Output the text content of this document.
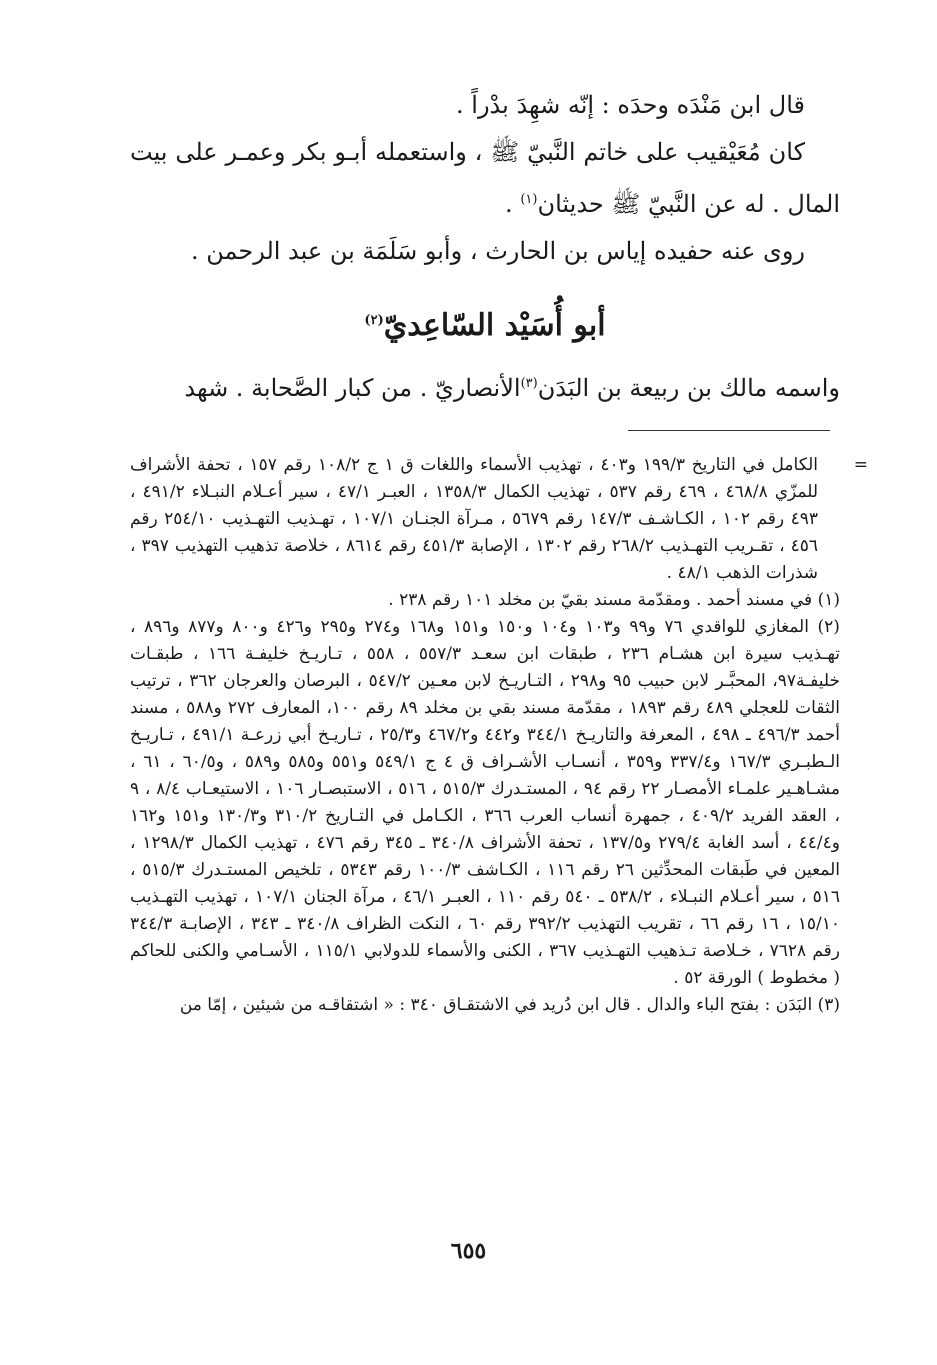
قال ابن مَنْدَه وحدَه : إنّه شهِدَ بدْراً .

كان مُعَيْقيب على خاتم النَّبيّ ﷺ ، واستعمله أبـو بكر وعمـر على بيت المال . له عن النَّبيّ ﷺ حديثان$^{(١)}$ .

روى عنه حفيده إياس بن الحارث ، وأبو سَلَمَة بن عبد الرحمن .

أبو أُسَيْد السّاعِديّ$^{(٢)}$
واسمه مالك بن ربيعة بن البَدَن$^{(٣)}$الأنصاريّ . من كبار الصَّحابة . شهد

=
الكامل في التاريخ ١٩٩/٣ و٤٠٣ ، تهذيب الأسماء واللغات ق ١ ج ١٠٨/٢ رقم ١٥٧ ، تحفة الأشراف للمزّي ٤٦٨/٨ ، ٤٦٩ رقم ٥٣٧ ، تهذيب الكمال ١٣٥٨/٣ ، العبـر ٤٧/١ ، سير أعـلام النبـلاء ٤٩١/٢ ، ٤٩٣ رقم ١٠٢ ، الكـاشـف ١٤٧/٣ رقم ٥٦٧٩ ، مـرآة الجنـان ١٠٧/١ ، تهـذيب التهـذيب ٢٥٤/١٠ رقم ٤٥٦ ، تقـريب التهـذيب ٢٦٨/٢ رقم ١٣٠٢ ، الإصابة ٤٥١/٣ رقم ٨٦١٤ ، خلاصة تذهيب التهذيب ٣٩٧ ، شذرات الذهب ٤٨/١ .

(١) في مسند أحمد . ومقدّمة مسند بقيّ بن مخلد ١٠١ رقم ٢٣٨ .

(٢) المغازي للواقدي ٧٦ و٩٩ و١٠٣ و١٠٤ و١٥٠ و١٥١ و١٦٨ و٢٧٤ و٢٩٥ و٤٢٦ و٨٠٠ و٨٧٧ و٨٩٦ ، تهـذيب سيرة ابن هشـام ٢٣٦ ، طبقات ابن سعـد ٥٥٧/٣ ، ٥٥٨ ، تـاريـخ خليفـة ١٦٦ ، طبقـات خليفـة٩٧، المحبَّـر لابن حبيب ٩٥ و٢٩٨ ، التـاريـخ لابن معـين ٥٤٧/٢ ، البرصان والعرجان ٣٦٢ ، ترتيب الثقات للعجلي ٤٨٩ رقم ١٨٩٣ ، مقدّمة مسند بقي بن مخلد ٨٩ رقم ١٠٠، المعارف ٢٧٢ و٥٨٨ ، مسند أحمد ٤٩٦/٣ ـ ٤٩٨ ، المعرفة والتاريـخ ٣٤٤/١ و٤٤٢ و٤٦٧/٢ و٢٥/٣ ، تـاريـخ أبي زرعـة ٤٩١/١ ، تـاريـخ الـطبـري ١٦٧/٣ و٣٣٧/٤ و٣٥٩ ، أنسـاب الأشـراف ق ٤ ج ٥٤٩/١ و٥٥١ و٥٨٥ و٥٨٩ ، و٦٠/٥ ، ٦١ ، مشـاهـير علمـاء الأمصـار ٢٢ رقم ٩٤ ، المستـدرك ٥١٥/٣ ، ٥١٦ ، الاستبصـار ١٠٦ ، الاستيعـاب ٨/٤ ، ٩ ، العقد الفريد ٤٠٩/٢ ، جمهرة أنساب العرب ٣٦٦ ، الكـامل في التـاريخ ٣١٠/٢ و١٣٠/٣ و١٥١ و١٦٢ و٤٤/٤ ، أسد الغابة ٢٧٩/٤ و١٣٧/٥ ، تحفة الأشراف ٣٤٠/٨ ـ ٣٤٥ رقم ٤٧٦ ، تهذيب الكمال ١٢٩٨/٣ ، المعين في طَبقات المحدِّثين ٢٦ رقم ١١٦ ، الكـاشف ١٠٠/٣ رقم ٥٣٤٣ ، تلخيص المستـدرك ٥١٥/٣ ، ٥١٦ ، سير أعـلام النبـلاء ، ٥٣٨/٢ ـ ٥٤٠ رقم ١١٠ ، العبـر ٤٦/١ ، مرآة الجنان ١٠٧/١ ، تهذيب التهـذيب ١٥/١٠ ، ١٦ رقم ٦٦ ، تقريب التهذيب ٣٩٢/٢ رقم ٦٠ ، النكت الظراف ٣٤٠/٨ ـ ٣٤٣ ، الإصابـة ٣٤٤/٣ رقم ٧٦٢٨ ، خـلاصة تـذهيب التهـذيب ٣٦٧ ، الكنى والأسماء للدولابي ١١٥/١ ، الأسـامي والكنى للحاكم ( مخطوط ) الورقة ٥٢ .

(٣) البَدَن : بفتح الباء والدال . قال ابن دُريد في الاشتقـاق ٣٤٠ : « اشتقاقـه من شيئين ، إمّا من

٦٥٥
